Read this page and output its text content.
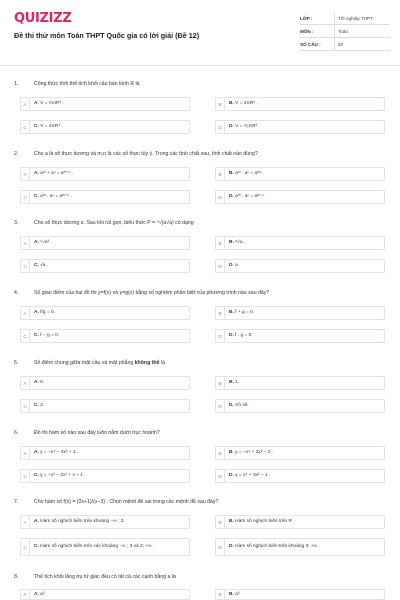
QUIZIZZ
Đề thi thử môn Toán THPT Quốc gia có lời giải (Đề 12)
LỚP :	Tốt nghiệp THPT
MÔN :	Toán
SỐ CÂU :	50
1.	Công thức tính thể tích khối cầu bán kính R là
A	A. V = ⅔πR³ .	B	B. V = 4πR² .
C	C. V = 4πR³ .	D	D. V = ⁴⁄₃πR³ .
2.	Cho a là số thực dương và m,n là các số thực tùy ý. Trong các tính chất sau, tính chất nào đúng?
A	A. aᵐ + aⁿ = aᵐ⁺ⁿ .	B	B. aᵐ . aⁿ = aᵐⁿ .
C	C. aᵐ . aⁿ = aᵐ⁺ⁿ .	D	D. aᵐ . aⁿ = aᵐ⁻ⁿ .
3.	Cho số thực dương a. Sau khi rút gọn, biểu thức P = ⁴√(a√a) có dạng
A	A. ⁴√a³ .	B	B. ⁸√a .
C	C. √a .	D	D. a
4.	Số giao điểm của hai đồ thị y=f(x) và y=g(x) bằng số nghiệm phân biệt của phương trình nào sau đây?
A	A. f/g = 0.	B	B. f + g = 0.
C	C. f − g = 0.	D	D. f . g = 0.
5.	Số điểm chung giữa mặt cầu và mặt phẳng không thể là
A	A. 0.	B	B. 1.
C	C. 2.	D	D. Vô số.
6.	Đồ thị hàm số nào sau đây luôn nằm dưới trục hoành?
A	A. y = −x⁴ − 4x² + 1 .	B	B. y = −x⁴ + 2x² − 2 .
C	C. y = −x³ − 2x² + x − 1 .	D	D. y = x⁴ + 3x² − 1 .
7.	Cho hàm số f(x) = (2x+1)/(x−3) . Chọn mệnh đề sai trong các mệnh đề sau đây?
A	A. Hàm số nghịch biến trên khoảng −∞ ; 3.	B	B. Hàm số nghịch biến trên R
C	C. Hàm số nghịch biến trên các khoảng −∞ ; 3 và 3; +∞ .	D	D. Hàm số nghịch biến trên khoảng 3; +∞ .
8.	Thể tích khối lăng trụ tứ giác đều có tất cả các cạnh bằng a là
A	A. a³	B	B. a³
